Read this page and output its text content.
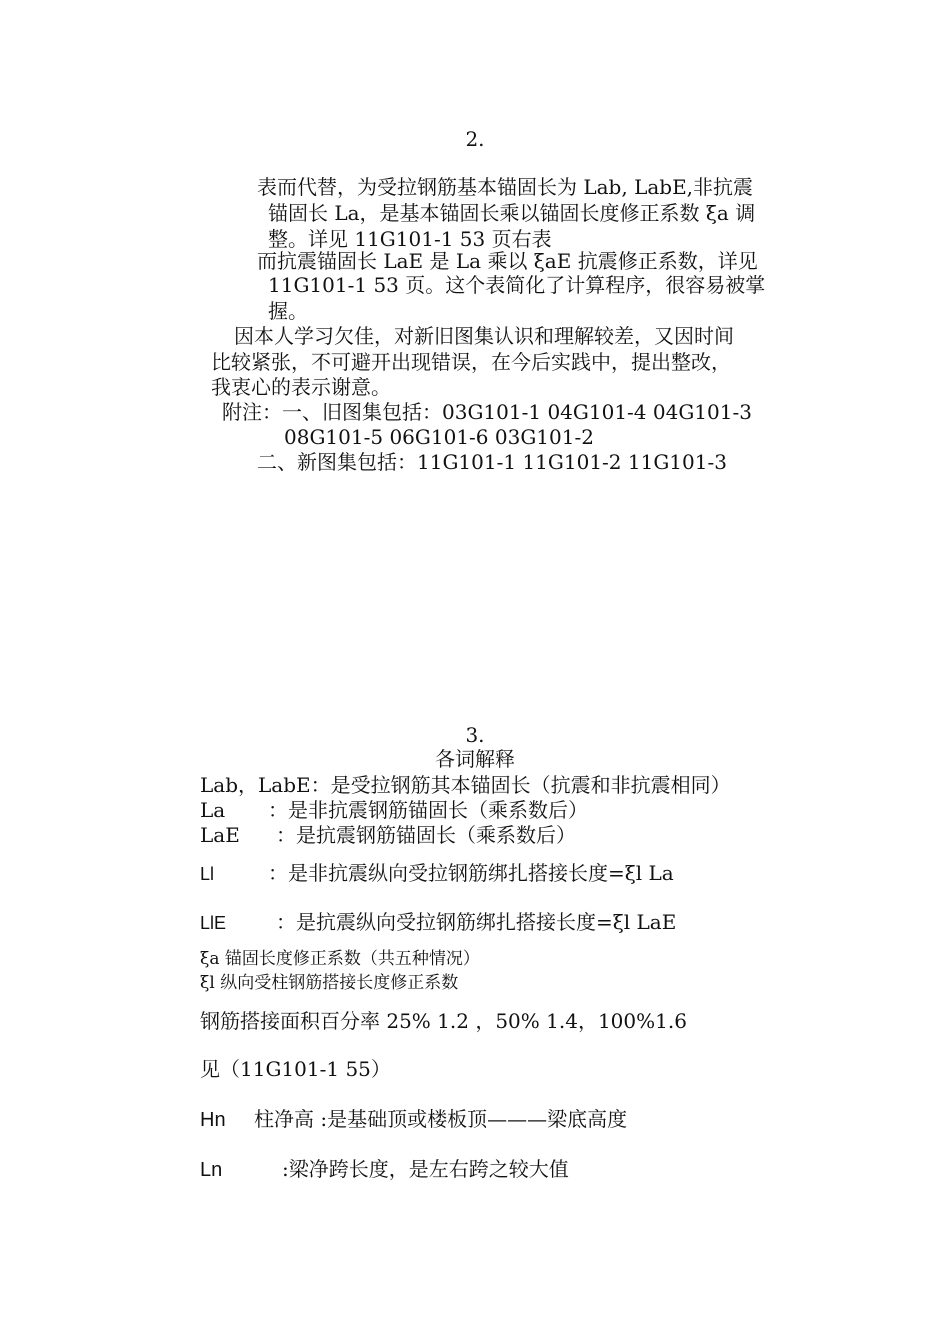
2.
表而代替，为受拉钢筋基本锚固长为 Lab, LabE,非抗震
锚固长 La，是基本锚固长乘以锚固长度修正系数 ξa 调
整。详见 11G101-1 53 页右表
而抗震锚固长 LaE 是 La 乘以 ξaE 抗震修正系数，详见
11G101-1 53 页。这个表简化了计算程序，很容易被掌
握。
因本人学习欠佳，对新旧图集认识和理解较差，又因时间
比较紧张，不可避开出现错误，在今后实践中，提出整改，
我衷心的表示谢意。
附注：一、旧图集包括：03G101-1 04G101-4 04G101-3
08G101-5 06G101-6 03G101-2
二、新图集包括：11G101-1 11G101-2 11G101-3
3.
各词解释
Lab，LabE：是受拉钢筋其本锚固长（抗震和非抗震相同）
La ：是非抗震钢筋锚固长（乘系数后）
LaE ：是抗震钢筋锚固长（乘系数后）
Ll	：是非抗震纵向受拉钢筋绑扎搭接长度=ξl La
LlE ：是抗震纵向受拉钢筋绑扎搭接长度=ξl LaE
ξa 锚固长度修正系数（共五种情况）
ξl 纵向受柱钢筋搭接长度修正系数
钢筋搭接面积百分率 25% 1.2 ，50% 1.4，100%1.6
见（11G101-1 55）
Hn 柱净高 :是基础顶或楼板顶———梁底高度
Ln	:梁净跨长度，是左右跨之较大值
